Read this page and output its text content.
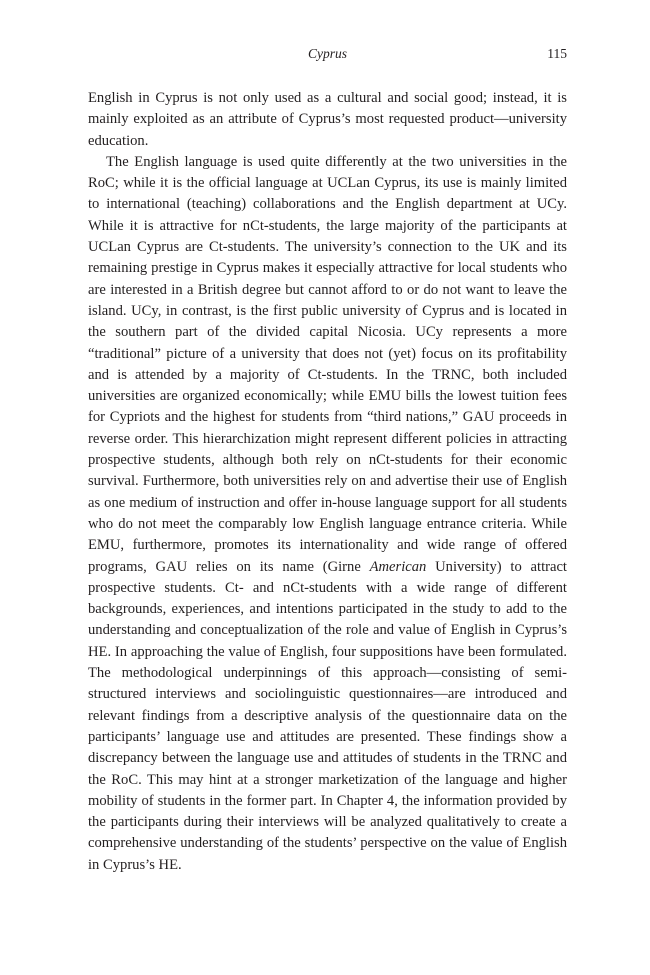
Cyprus	115

English in Cyprus is not only used as a cultural and social good; instead, it is mainly exploited as an attribute of Cyprus’s most requested product—university education.

The English language is used quite differently at the two universities in the RoC; while it is the official language at UCLan Cyprus, its use is mainly limited to international (teaching) collaborations and the English department at UCy. While it is attractive for nCt-students, the large majority of the participants at UCLan Cyprus are Ct-students. The university’s connection to the UK and its remaining prestige in Cyprus makes it especially attractive for local students who are interested in a British degree but cannot afford to or do not want to leave the island. UCy, in contrast, is the first public university of Cyprus and is located in the southern part of the divided capital Nicosia. UCy represents a more “traditional” picture of a university that does not (yet) focus on its profitability and is attended by a majority of Ct-students. In the TRNC, both included universities are organized economically; while EMU bills the lowest tuition fees for Cypriots and the highest for students from “third nations,” GAU proceeds in reverse order. This hierarchization might represent different policies in attracting prospective students, although both rely on nCt-students for their economic survival. Furthermore, both universities rely on and advertise their use of English as one medium of instruction and offer in-house language support for all students who do not meet the comparably low English language entrance criteria. While EMU, furthermore, promotes its internationality and wide range of offered programs, GAU relies on its name (Girne American University) to attract prospective students. Ct- and nCt-students with a wide range of different backgrounds, experiences, and intentions participated in the study to add to the understanding and conceptualization of the role and value of English in Cyprus’s HE. In approaching the value of English, four suppositions have been formulated. The methodological underpinnings of this approach—consisting of semi-structured interviews and sociolinguistic questionnaires—are introduced and relevant findings from a descriptive analysis of the questionnaire data on the participants’ language use and attitudes are presented. These findings show a discrepancy between the language use and attitudes of students in the TRNC and the RoC. This may hint at a stronger marketization of the language and higher mobility of students in the former part. In Chapter 4, the information provided by the participants during their interviews will be analyzed qualitatively to create a comprehensive understanding of the students’ perspective on the value of English in Cyprus’s HE.
